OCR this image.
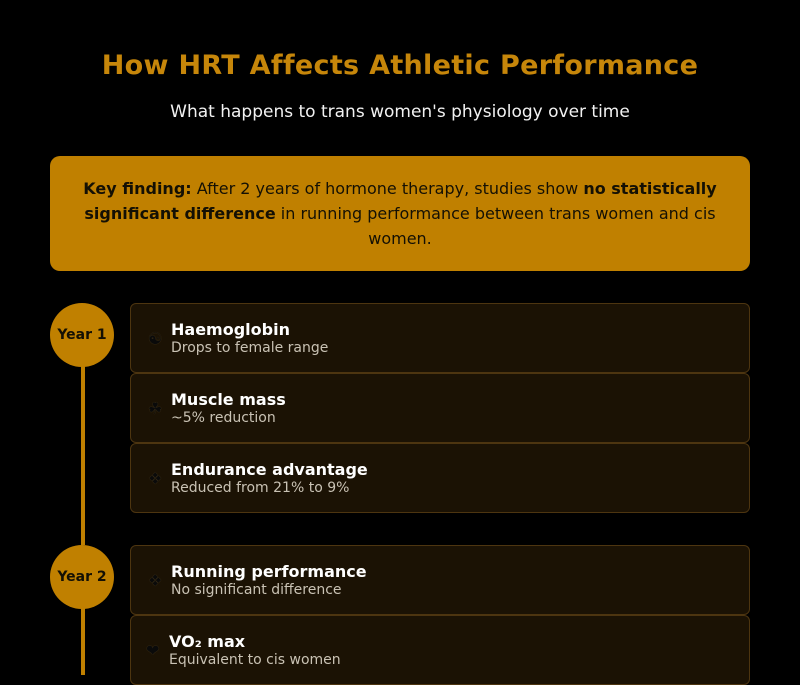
How HRT Affects Athletic Performance
What happens to trans women's physiology over time
Key finding: After 2 years of hormone therapy, studies show no statistically significant difference in running performance between trans women and cis women.
Year 1	☯ Haemoglobin
Drops to female range
☘ Muscle mass
~5% reduction
❖ Endurance advantage
Reduced from 21% to 9%
Year 2	❖ Running performance
No significant difference
❤ VO₂ max
Equivalent to cis women
